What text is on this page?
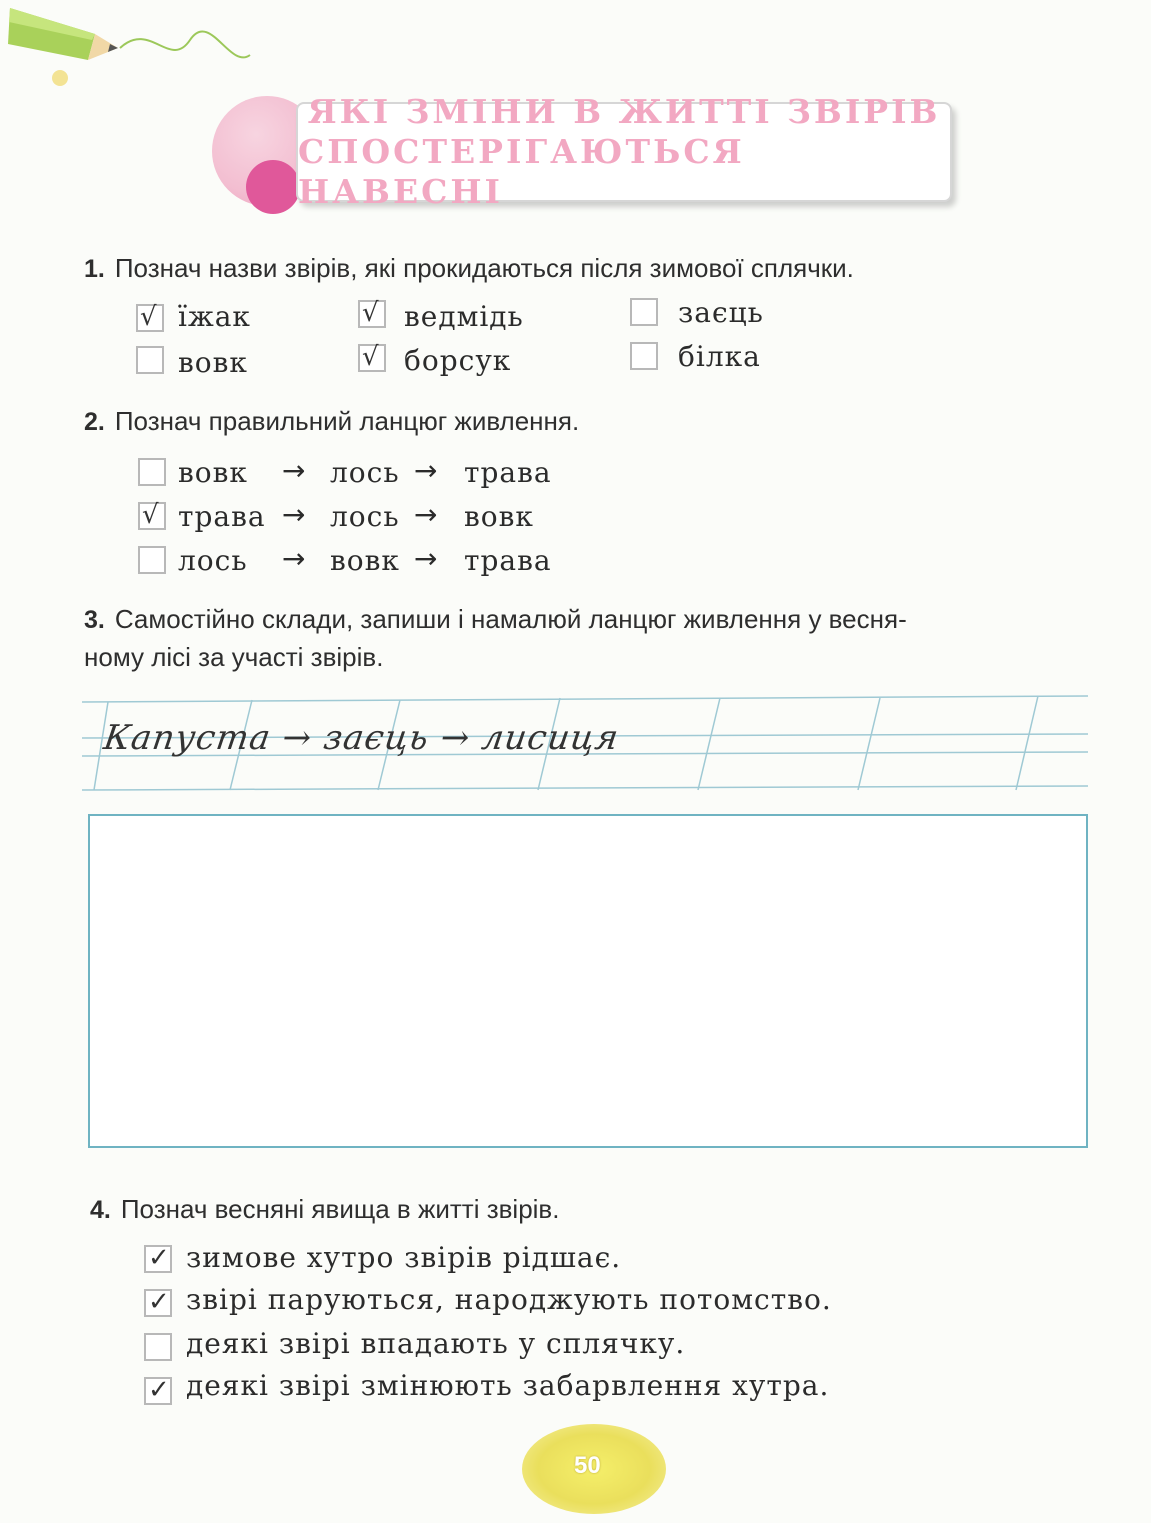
ЯКІ ЗМІНИ В ЖИТТІ ЗВІРІВ
СПОСТЕРІГАЮТЬСЯ НАВЕСНІ
1. Познач назви звірів, які прокидаються після зимової сплячки.
√ їжак	√ ведмідь	заєць
вовк	√ борсук	білка
2. Познач правильний ланцюг живлення.
вовк → лось → трава
√ трава → лось → вовк
лось → вовк → трава
3. Самостійно склади, запиши і намалюй ланцюг живлення у весня-
ному лісі за участі звірів.
Капуста → заєць → лисиця
4. Познач весняні явища в житті звірів.
✓ зимове хутро звірів рідшає.
✓ звірі паруються, народжують потомство.
деякі звірі впадають у сплячку.
✓ деякі звірі змінюють забарвлення хутра.
50
